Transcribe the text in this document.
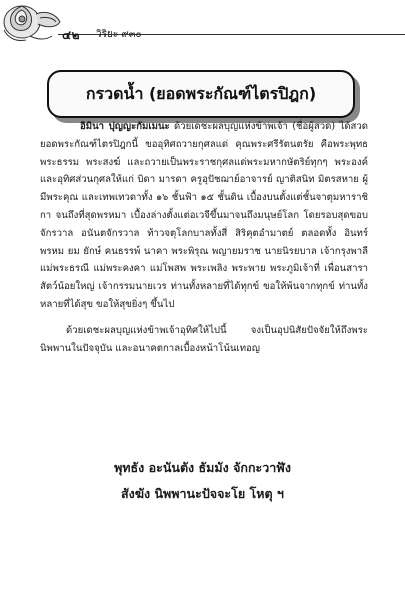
๔๒ วิริยะ ๙๓๐
กรวดน้ำ (ยอดพระกัณฑ์ไตรปิฎก)

อิมินา ปุญญะกัมเมนะ ด้วยเดชะผลบุญแห่งข้าพเจ้า (ชื่อผู้สวด) ได้สวดยอดพระกัณฑ์ไตรปิฎกนี้ ขออุทิศถวายกุศลแด่ คุณพระศรีรัตนตรัย คือพระพุทธ พระธรรม พระสงฆ์ และถวายเป็นพระราชกุศลแด่พระมหากษัตริย์ทุกๆ พระองค์ และอุทิศส่วนกุศลให้แก่ บิดา มารดา ครูอุปัชฌาย์อาจารย์ ญาติสนิท มิตรสหาย ผู้มีพระคุณ และเทพเทวดาทั้ง ๑๖ ชั้นฟ้า ๑๕ ชั้นดิน เบื้องบนตั้งแต่ชั้นจาตุมหาราชิกา จนถึงที่สุดพรหมา เบื้องล่างตั้งแต่อเวจีขึ้นมาจนถึงมนุษย์โลก โดยรอบสุดขอบจักรวาล อนันตจักรวาล ท้าวจตุโลกบาลทั้งสี่ สิริคุตอำมาตย์ ตลอดทั้ง อินทร์ พรหม ยม ยักษ์ คนธรรพ์ นาคา พระพิรุณ พญายมราช นายนิรยบาล เจ้ากรุงพาลี แม่พระธรณี แม่พระคงคา แม่โพสพ พระเพลิง พระพาย พระภูมิเจ้าที่ เพื่อนสาราสัตว์น้อยใหญ่ เจ้ากรรมนายเวร ท่านทั้งหลายที่ได้ทุกข์ ขอให้พ้นจากทุกข์ ท่านทั้งหลายที่ได้สุข ขอให้สุขยิ่งๆ ขึ้นไป

ด้วยเดชะผลบุญแห่งข้าพเจ้าอุทิศให้ไปนี้ จงเป็นอุปนิสัยปัจจัยให้ถึงพระนิพพานในปัจจุบัน และอนาคตกาลเบื้องหน้าโน้นเทอญ

พุทธัง อะนันตัง ธัมมัง จักกะวาฬัง
สังฆัง นิพพานะปัจจะโย โหตุ ฯ
